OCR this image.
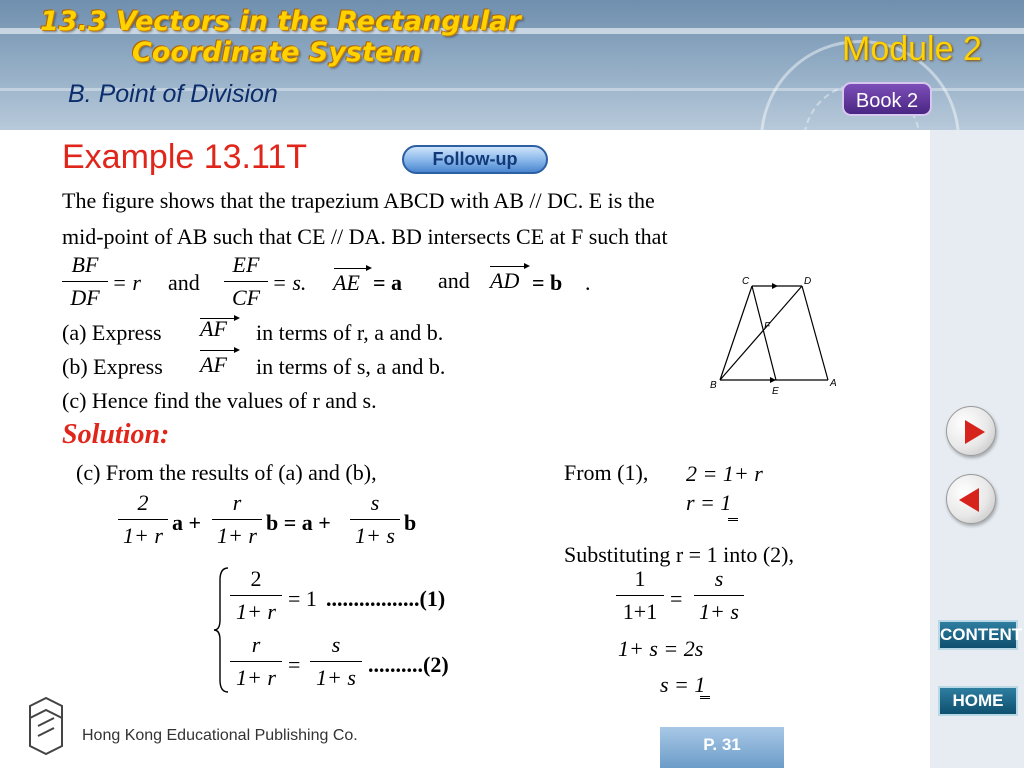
13.3 Vectors in the Rectangular
Coordinate System
B. Point of Division
Module 2
Book 2
Example 13.11T	Follow-up
The figure shows that the trapezium ABCD with AB // DC. E is the
mid-point of AB such that CE // DA. BD intersects CE at F such that
BF
DF
= r and
EF
CF
= s. AE = a and AD = b .
(a) Express AF in terms of r, a and b.
(b) Express AF in terms of s, a and b.
(c) Hence find the values of r and s.
C	D
F
B
E
A
Solution:
(c) From the results of (a) and (b),
2
1+ r
a +
r
1+ r
b = a +
s
1+ s
b
2
1+ r
= 1 .................(1)
r
1+ r
=
s
1+ s
..........(2)
From (1), 2 = 1+ r
r = 1
Substituting r = 1 into (2),
1
1+1
=
s
1+ s
1+ s = 2s
s = 1
CONTENT
HOME
Hong Kong Educational Publishing Co.	P. 31
